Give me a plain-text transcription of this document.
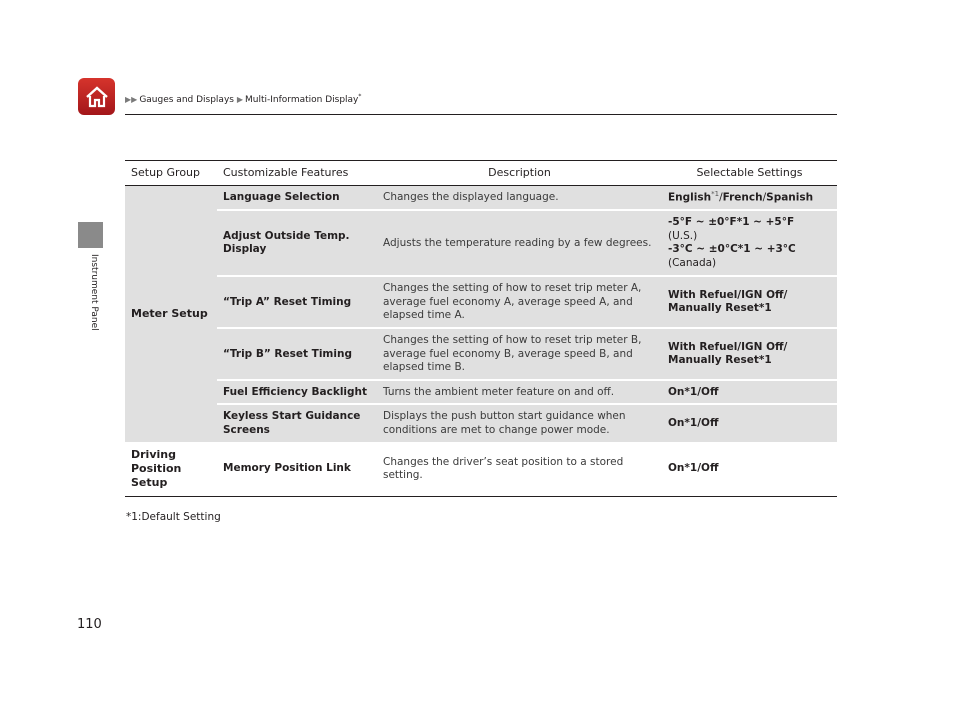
▶▶ Gauges and Displays ▶ Multi-Information Display*
Instrument Panel
Setup Group	Customizable Features	Description	Selectable Settings
Meter Setup	Language Selection	Changes the displayed language.	English$^{*1}$/French/Spanish
	Adjust Outside Temp. Display	Adjusts the temperature reading by a few degrees.	-5°F ~ ±0°F*1 ~ +5°F
(U.S.)
-3°C ~ ±0°C*1 ~ +3°C
(Canada)

	“Trip A” Reset Timing	Changes the setting of how to reset trip meter A, average fuel economy A, average speed A, and elapsed time A.	With Refuel/IGN Off/ Manually Reset*1
	“Trip B” Reset Timing	Changes the setting of how to reset trip meter B, average fuel economy B, average speed B, and elapsed time B.	With Refuel/IGN Off/ Manually Reset*1
	Fuel Efficiency Backlight	Turns the ambient meter feature on and off.	On*1/Off
	Keyless Start Guidance Screens	Displays the push button start guidance when conditions are met to change power mode.	On*1/Off
Driving Position Setup	Memory Position Link	Changes the driver’s seat position to a stored setting.	On*1/Off
*1:Default Setting
110
